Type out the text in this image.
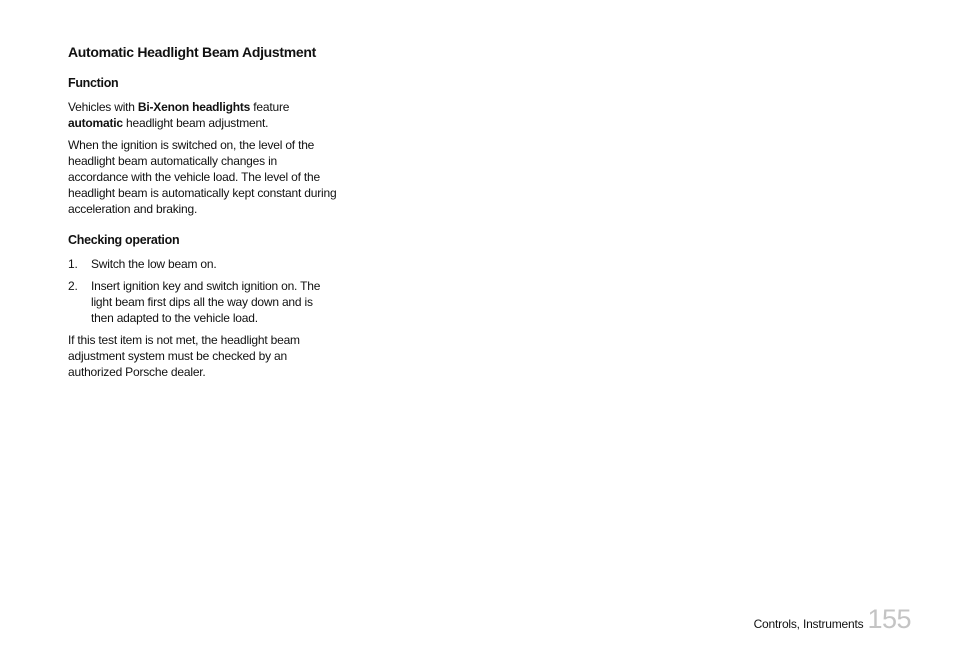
Automatic Headlight Beam Adjustment
Function

Vehicles with Bi-Xenon headlights feature
automatic headlight beam adjustment.

When the ignition is switched on, the level of the headlight beam automatically changes in accordance with the vehicle load. The level of the headlight beam is automatically kept constant during acceleration and braking.

Checking operation
1.	Switch the low beam on.
2.	Insert ignition key and switch ignition on. The light beam first dips all the way down and is then adapted to the vehicle load.

If this test item is not met, the headlight beam adjustment system must be checked by an authorized Porsche dealer.

Controls, Instruments 155
